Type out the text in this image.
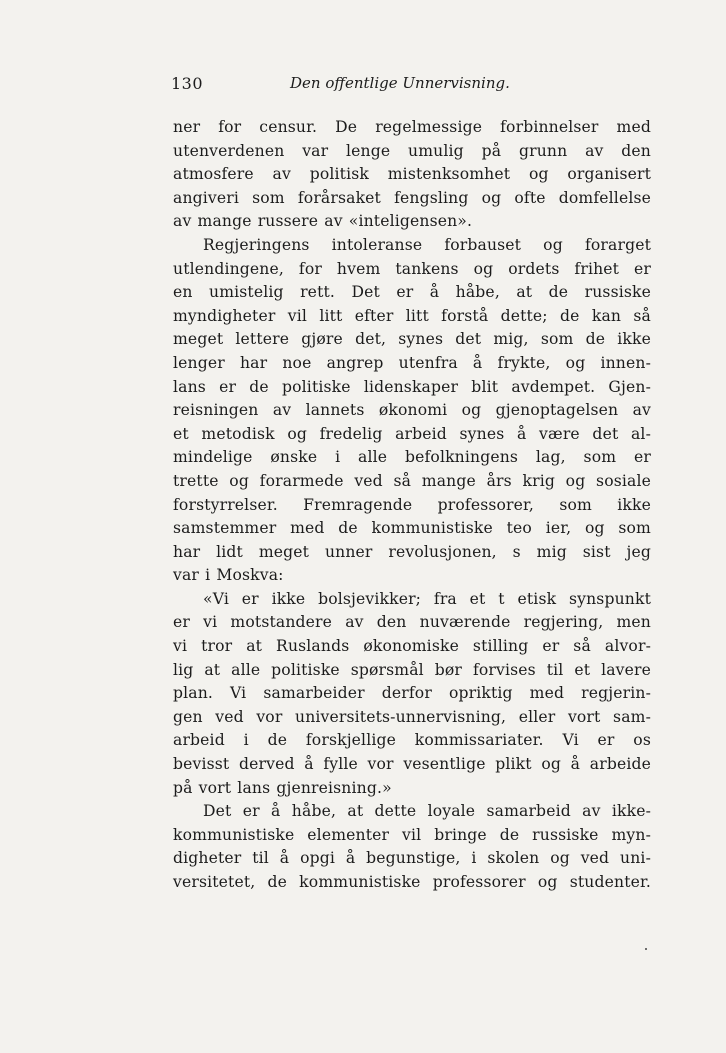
130	Den offentlige Unnervisning.
ner for censur. De regelmessige forbinnelser med
utenverdenen var lenge umulig på grunn av den
atmosfere av politisk mistenksomhet og organisert
angiveri som forårsaket fengsling og ofte domfellelse
av mange russere av «inteligensen».
Regjeringens intoleranse forbauset og forarget
utlendingene, for hvem tankens og ordets frihet er
en umistelig rett. Det er å håbe, at de russiske
myndigheter vil litt efter litt forstå dette; de kan så
meget lettere gjøre det, synes det mig, som de ikke
lenger har noe angrep utenfra å frykte, og innen-
lans er de politiske lidenskaper blit avdempet. Gjen-
reisningen av lannets økonomi og gjenoptagelsen av
et metodisk og fredelig arbeid synes å være det al-
mindelige ønske i alle befolkningens lag, som er
trette og forarmede ved så mange års krig og sosiale
forstyrrelser. Fremragende professorer, som ikke
samstemmer med de kommunistiske teo ier, og som
har lidt meget unner revolusjonen, s mig sist jeg
var i Moskva:
«Vi er ikke bolsjevikker; fra et t etisk synspunkt
er vi motstandere av den nuværende regjering, men
vi tror at Ruslands økonomiske stilling er så alvor-
lig at alle politiske spørsmål bør forvises til et lavere
plan. Vi samarbeider derfor opriktig med regjerin-
gen ved vor universitets-unnervisning, eller vort sam-
arbeid i de forskjellige kommissariater. Vi er os
bevisst derved å fylle vor vesentlige plikt og å arbeide
på vort lans gjenreisning.»
Det er å håbe, at dette loyale samarbeid av ikke-
kommunistiske elementer vil bringe de russiske myn-
digheter til å opgi å begunstige, i skolen og ved uni-
versitetet, de kommunistiske professorer og studenter.
